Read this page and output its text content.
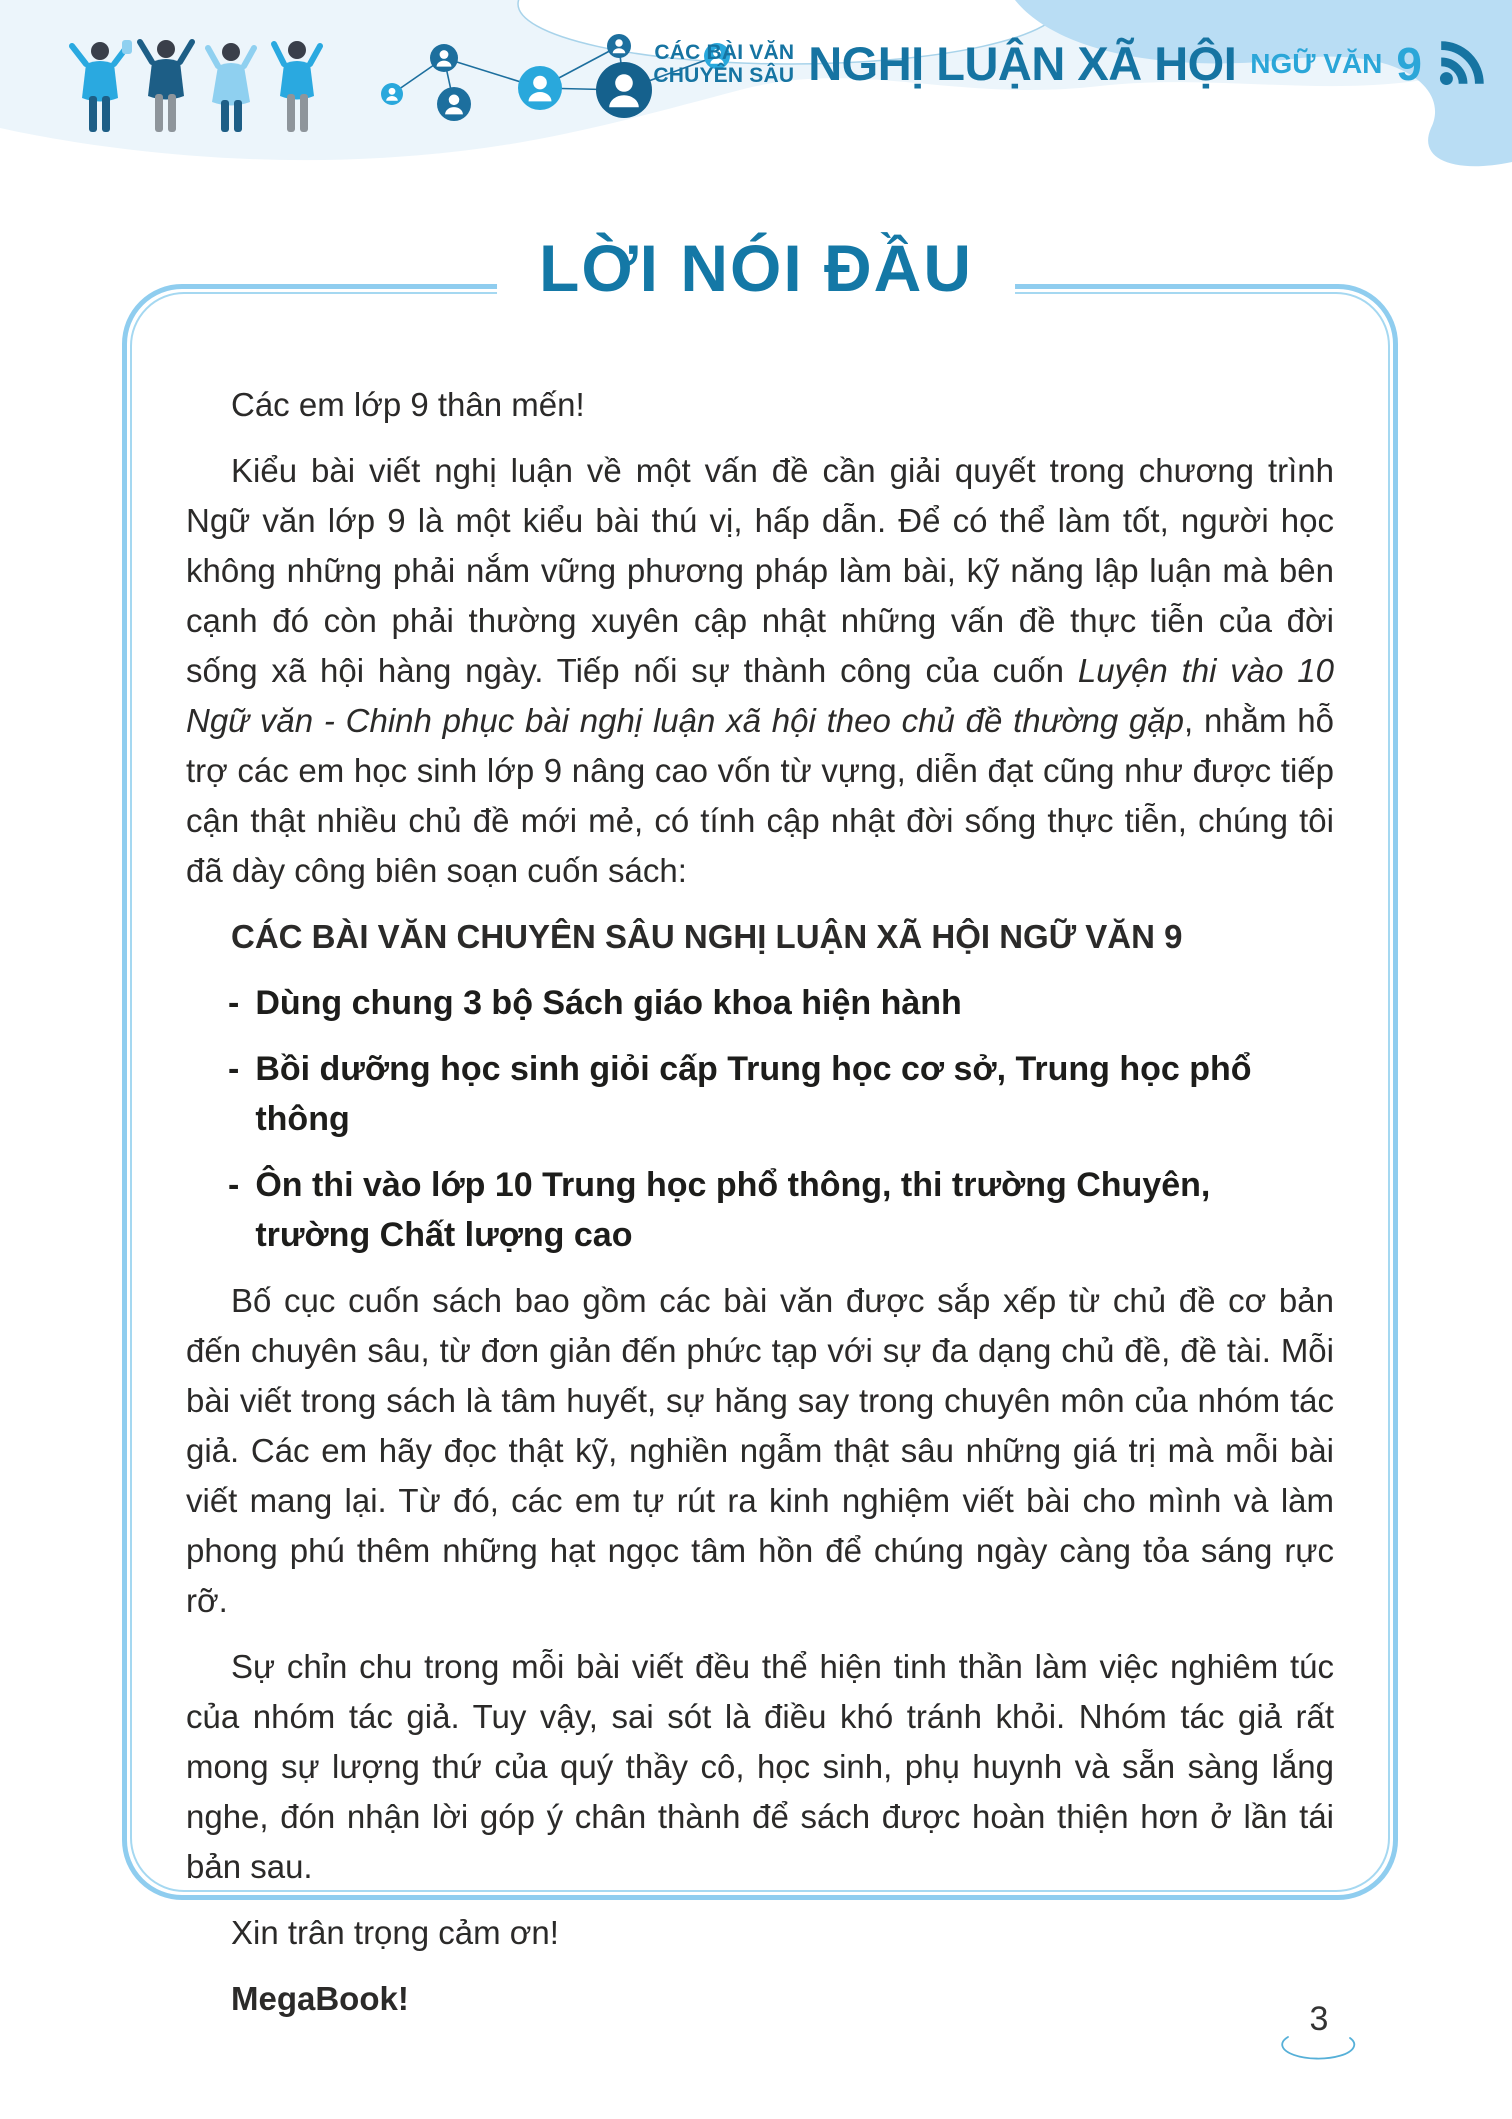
CÁC BÀI VĂN
CHUYÊN SÂU NGHỊ LUẬN XÃ HỘI NGỮ VĂN 9
LỜI NÓI ĐẦU

Các em lớp 9 thân mến!

Kiểu bài viết nghị luận về một vấn đề cần giải quyết trong chương trình Ngữ văn lớp 9 là một kiểu bài thú vị, hấp dẫn. Để có thể làm tốt, người học không những phải nắm vững phương pháp làm bài, kỹ năng lập luận mà bên cạnh đó còn phải thường xuyên cập nhật những vấn đề thực tiễn của đời sống xã hội hàng ngày. Tiếp nối sự thành công của cuốn Luyện thi vào 10 Ngữ văn - Chinh phục bài nghị luận xã hội theo chủ đề thường gặp, nhằm hỗ trợ các em học sinh lớp 9 nâng cao vốn từ vựng, diễn đạt cũng như được tiếp cận thật nhiều chủ đề mới mẻ, có tính cập nhật đời sống thực tiễn, chúng tôi đã dày công biên soạn cuốn sách:

CÁC BÀI VĂN CHUYÊN SÂU NGHỊ LUẬN XÃ HỘI NGỮ VĂN 9

- Dùng chung 3 bộ Sách giáo khoa hiện hành
- Bồi dưỡng học sinh giỏi cấp Trung học cơ sở, Trung học phổ thông
- Ôn thi vào lớp 10 Trung học phổ thông, thi trường Chuyên, trường Chất lượng cao

Bố cục cuốn sách bao gồm các bài văn được sắp xếp từ chủ đề cơ bản đến chuyên sâu, từ đơn giản đến phức tạp với sự đa dạng chủ đề, đề tài. Mỗi bài viết trong sách là tâm huyết, sự hăng say trong chuyên môn của nhóm tác giả. Các em hãy đọc thật kỹ, nghiền ngẫm thật sâu những giá trị mà mỗi bài viết mang lại. Từ đó, các em tự rút ra kinh nghiệm viết bài cho mình và làm phong phú thêm những hạt ngọc tâm hồn để chúng ngày càng tỏa sáng rực rỡ.

Sự chỉn chu trong mỗi bài viết đều thể hiện tinh thần làm việc nghiêm túc của nhóm tác giả. Tuy vậy, sai sót là điều khó tránh khỏi. Nhóm tác giả rất mong sự lượng thứ của quý thầy cô, học sinh, phụ huynh và sẵn sàng lắng nghe, đón nhận lời góp ý chân thành để sách được hoàn thiện hơn ở lần tái bản sau.

Xin trân trọng cảm ơn!

MegaBook!

3
